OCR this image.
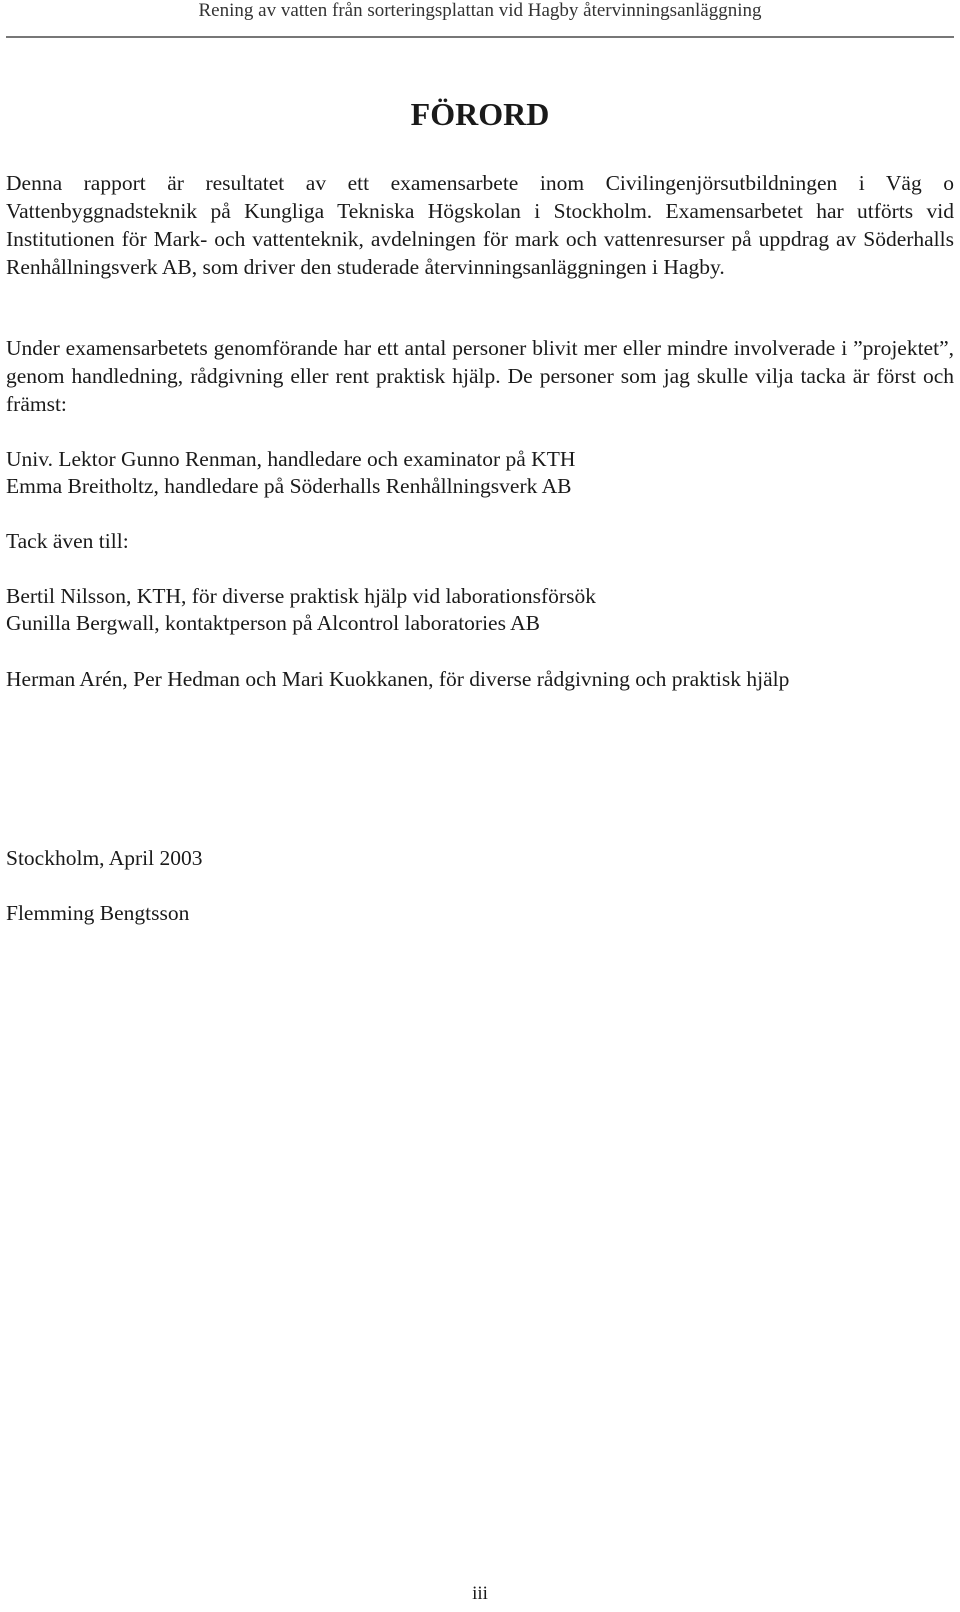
Rening av vatten från sorteringsplattan vid Hagby återvinningsanläggning
FÖRORD

Denna rapport är resultatet av ett examensarbete inom Civilingenjörsutbildningen i Väg o Vattenbyggnadsteknik på Kungliga Tekniska Högskolan i Stockholm. Examensarbetet har utförts vid Institutionen för Mark- och vattenteknik, avdelningen för mark och vattenresurser på uppdrag av Söderhalls Renhållningsverk AB, som driver den studerade återvinningsanläggningen i Hagby.

Under examensarbetets genomförande har ett antal personer blivit mer eller mindre involverade i ”projektet”, genom handledning, rådgivning eller rent praktisk hjälp. De personer som jag skulle vilja tacka är först och främst:

Univ. Lektor Gunno Renman, handledare och examinator på KTH

Emma Breitholtz, handledare på Söderhalls Renhållningsverk AB

Tack även till:

Bertil Nilsson, KTH, för diverse praktisk hjälp vid laborationsförsök

Gunilla Bergwall, kontaktperson på Alcontrol laboratories AB

Herman Arén, Per Hedman och Mari Kuokkanen, för diverse rådgivning och praktisk hjälp

Stockholm, April 2003

Flemming Bengtsson

iii
